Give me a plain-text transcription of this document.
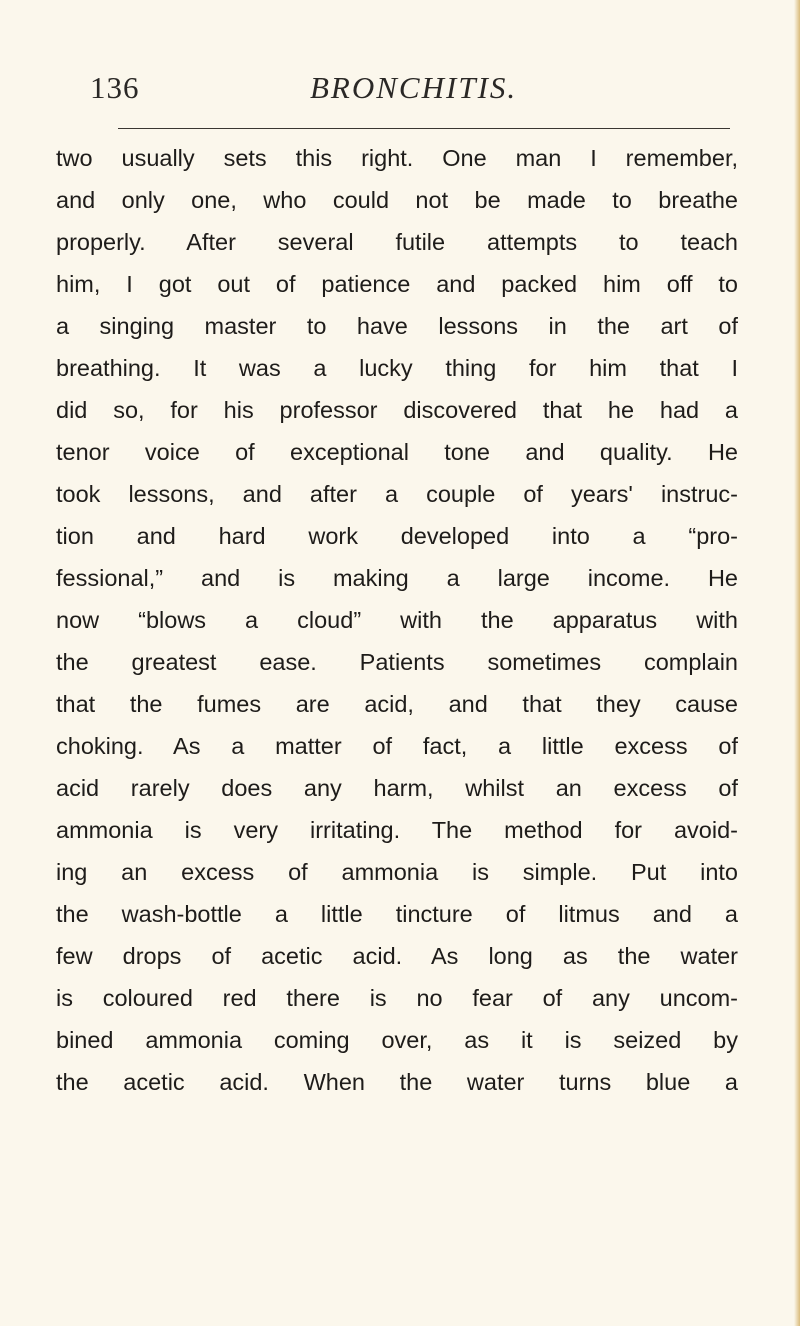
136	BRONCHITIS.
two usually sets this right. One man I remember,
and only one, who could not be made to breathe
properly. After several futile attempts to teach
him, I got out of patience and packed him off to
a singing master to have lessons in the art of
breathing. It was a lucky thing for him that I
did so, for his professor discovered that he had a
tenor voice of exceptional tone and quality. He
took lessons, and after a couple of years' instruc-
tion and hard work developed into a “pro-
fessional,” and is making a large income. He
now “blows a cloud” with the apparatus with
the greatest ease. Patients sometimes complain
that the fumes are acid, and that they cause
choking. As a matter of fact, a little excess of
acid rarely does any harm, whilst an excess of
ammonia is very irritating. The method for avoid-
ing an excess of ammonia is simple. Put into
the wash-bottle a little tincture of litmus and a
few drops of acetic acid. As long as the water
is coloured red there is no fear of any uncom-
bined ammonia coming over, as it is seized by
the acetic acid. When the water turns blue a
